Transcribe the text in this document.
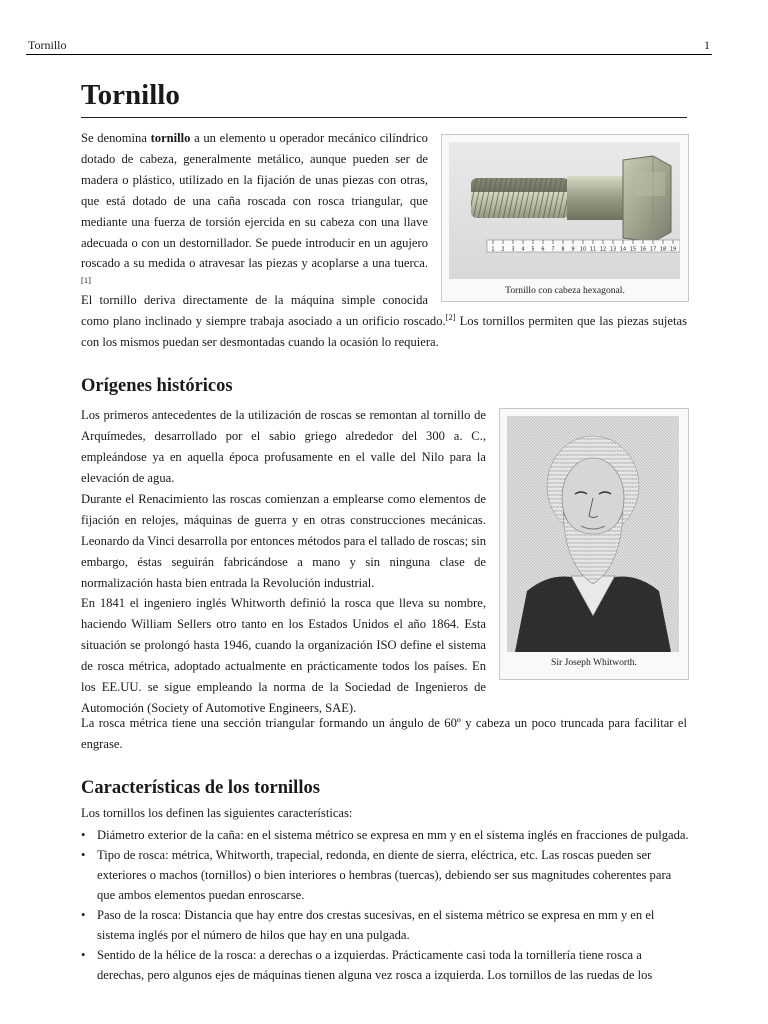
Tornillo	1
Tornillo

Se denomina tornillo a un elemento u operador mecánico cilíndrico dotado de cabeza, generalmente metálico, aunque pueden ser de madera o plástico, utilizado en la fijación de unas piezas con otras, que está dotado de una caña roscada con rosca triangular, que mediante una fuerza de torsión ejercida en su cabeza con una llave adecuada o con un destornillador. Se puede introducir en un agujero roscado a su medida o atravesar las piezas y acoplarse a una tuerca.[1]

El tornillo deriva directamente de la máquina simple conocida

como plano inclinado y siempre trabaja asociado a un orificio roscado.[2] Los tornillos permiten que las piezas sujetas con los mismos puedan ser desmontadas cuando la ocasión lo requiera.

1 2 3 4 5 6 7 8 9 10 11 12 13 14 15 16 17 18 19
Tornillo con cabeza hexagonal.
Orígenes históricos

Los primeros antecedentes de la utilización de roscas se remontan al tornillo de Arquímedes, desarrollado por el sabio griego alrededor del 300 a. C., empleándose ya en aquella época profusamente en el valle del Nilo para la elevación de agua.

Durante el Renacimiento las roscas comienzan a emplearse como elementos de fijación en relojes, máquinas de guerra y en otras construcciones mecánicas. Leonardo da Vinci desarrolla por entonces métodos para el tallado de roscas; sin embargo, éstas seguirán fabricándose a mano y sin ninguna clase de normalización hasta bien entrada la Revolución industrial.

En 1841 el ingeniero inglés Whitworth definió la rosca que lleva su nombre, haciendo William Sellers otro tanto en los Estados Unidos el año 1864. Esta situación se prolongó hasta 1946, cuando la organización ISO define el sistema de rosca métrica, adoptado actualmente en prácticamente todos los países. En los EE.UU. se sigue empleando la norma de la Sociedad de Ingenieros de Automoción (Society of Automotive Engineers, SAE).

La rosca métrica tiene una sección triangular formando un ángulo de 60º y cabeza un poco truncada para facilitar el engrase.

Sir Joseph Whitworth.
Características de los tornillos

Los tornillos los definen las siguientes características:

• Diámetro exterior de la caña: en el sistema métrico se expresa en mm y en el sistema inglés en fracciones de pulgada.
• Tipo de rosca: métrica, Whitworth, trapecial, redonda, en diente de sierra, eléctrica, etc. Las roscas pueden ser exteriores o machos (tornillos) o bien interiores o hembras (tuercas), debiendo ser sus magnitudes coherentes para que ambos elementos puedan enroscarse.
• Paso de la rosca: Distancia que hay entre dos crestas sucesivas, en el sistema métrico se expresa en mm y en el sistema inglés por el número de hilos que hay en una pulgada.
• Sentido de la hélice de la rosca: a derechas o a izquierdas. Prácticamente casi toda la tornillería tiene rosca a derechas, pero algunos ejes de máquinas tienen alguna vez rosca a izquierda. Los tornillos de las ruedas de los
